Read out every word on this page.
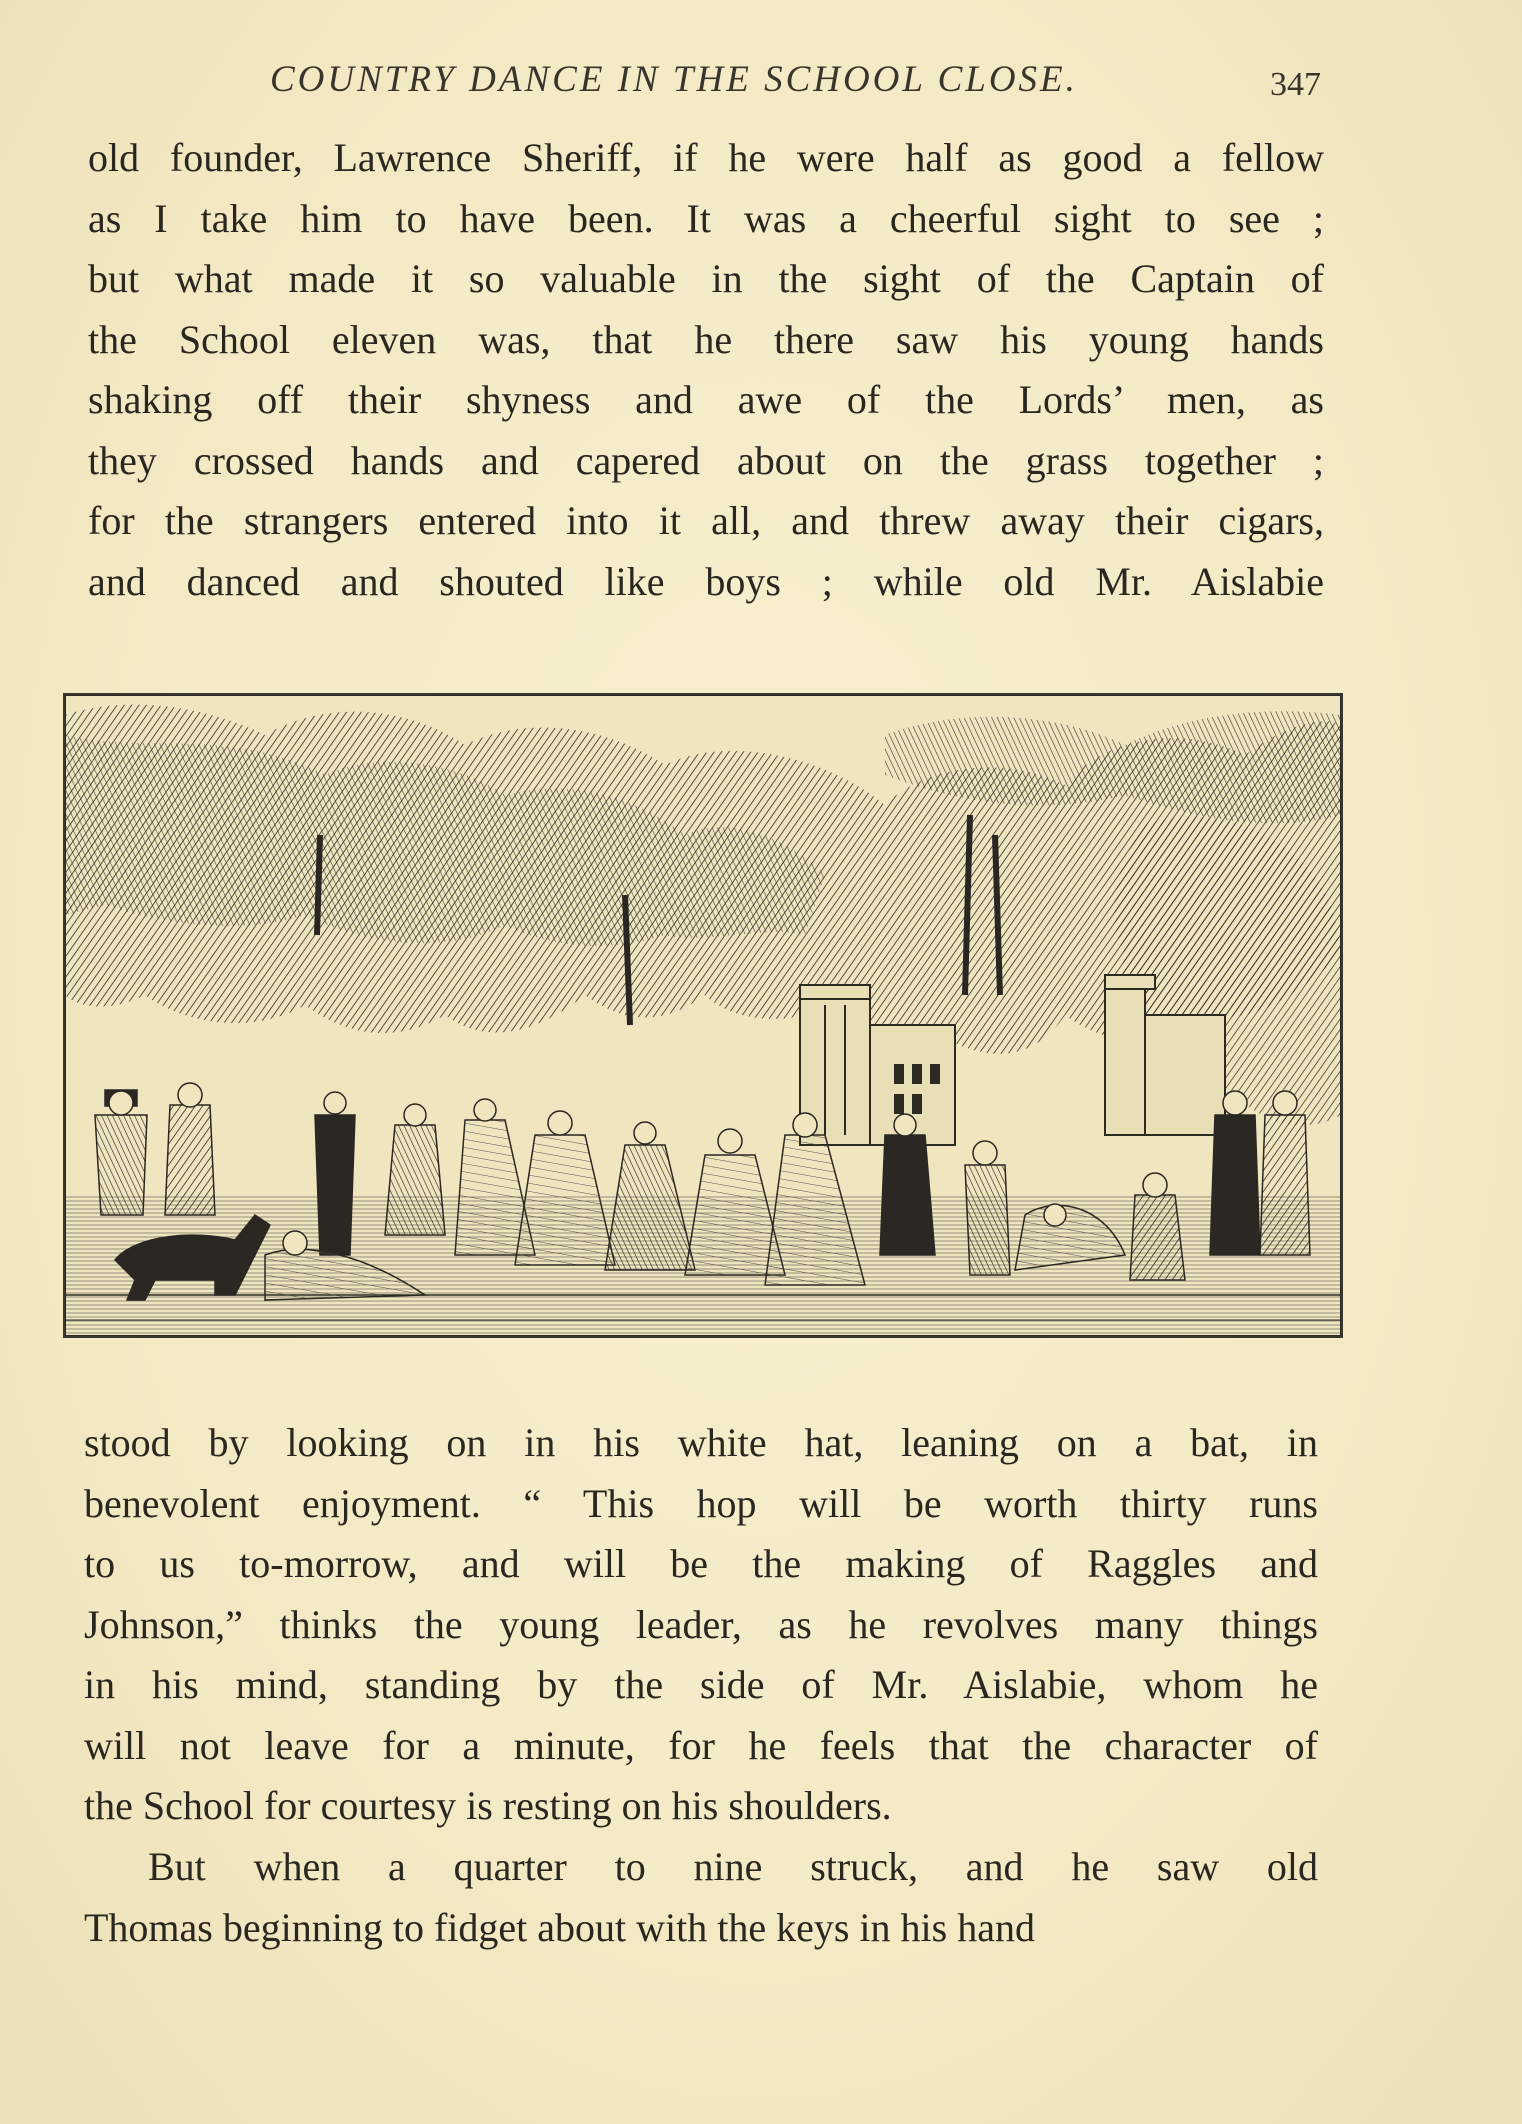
COUNTRY DANCE IN THE SCHOOL CLOSE.	347
old founder, Lawrence Sheriff, if he were half as good a fellow
as I take him to have been. It was a cheerful sight to see ;
but what made it so valuable in the sight of the Captain of
the School eleven was, that he there saw his young hands
shaking off their shyness and awe of the Lords’ men, as
they crossed hands and capered about on the grass together ;
for the strangers entered into it all, and threw away their cigars,
and danced and shouted like boys ; while old Mr. Aislabie
stood by looking on in his white hat, leaning on a bat, in
benevolent enjoyment. “ This hop will be worth thirty runs
to us to-morrow, and will be the making of Raggles and
Johnson,” thinks the young leader, as he revolves many things
in his mind, standing by the side of Mr. Aislabie, whom he
will not leave for a minute, for he feels that the character of
the School for courtesy is resting on his shoulders.
But when a quarter to nine struck, and he saw old
Thomas beginning to fidget about with the keys in his hand
